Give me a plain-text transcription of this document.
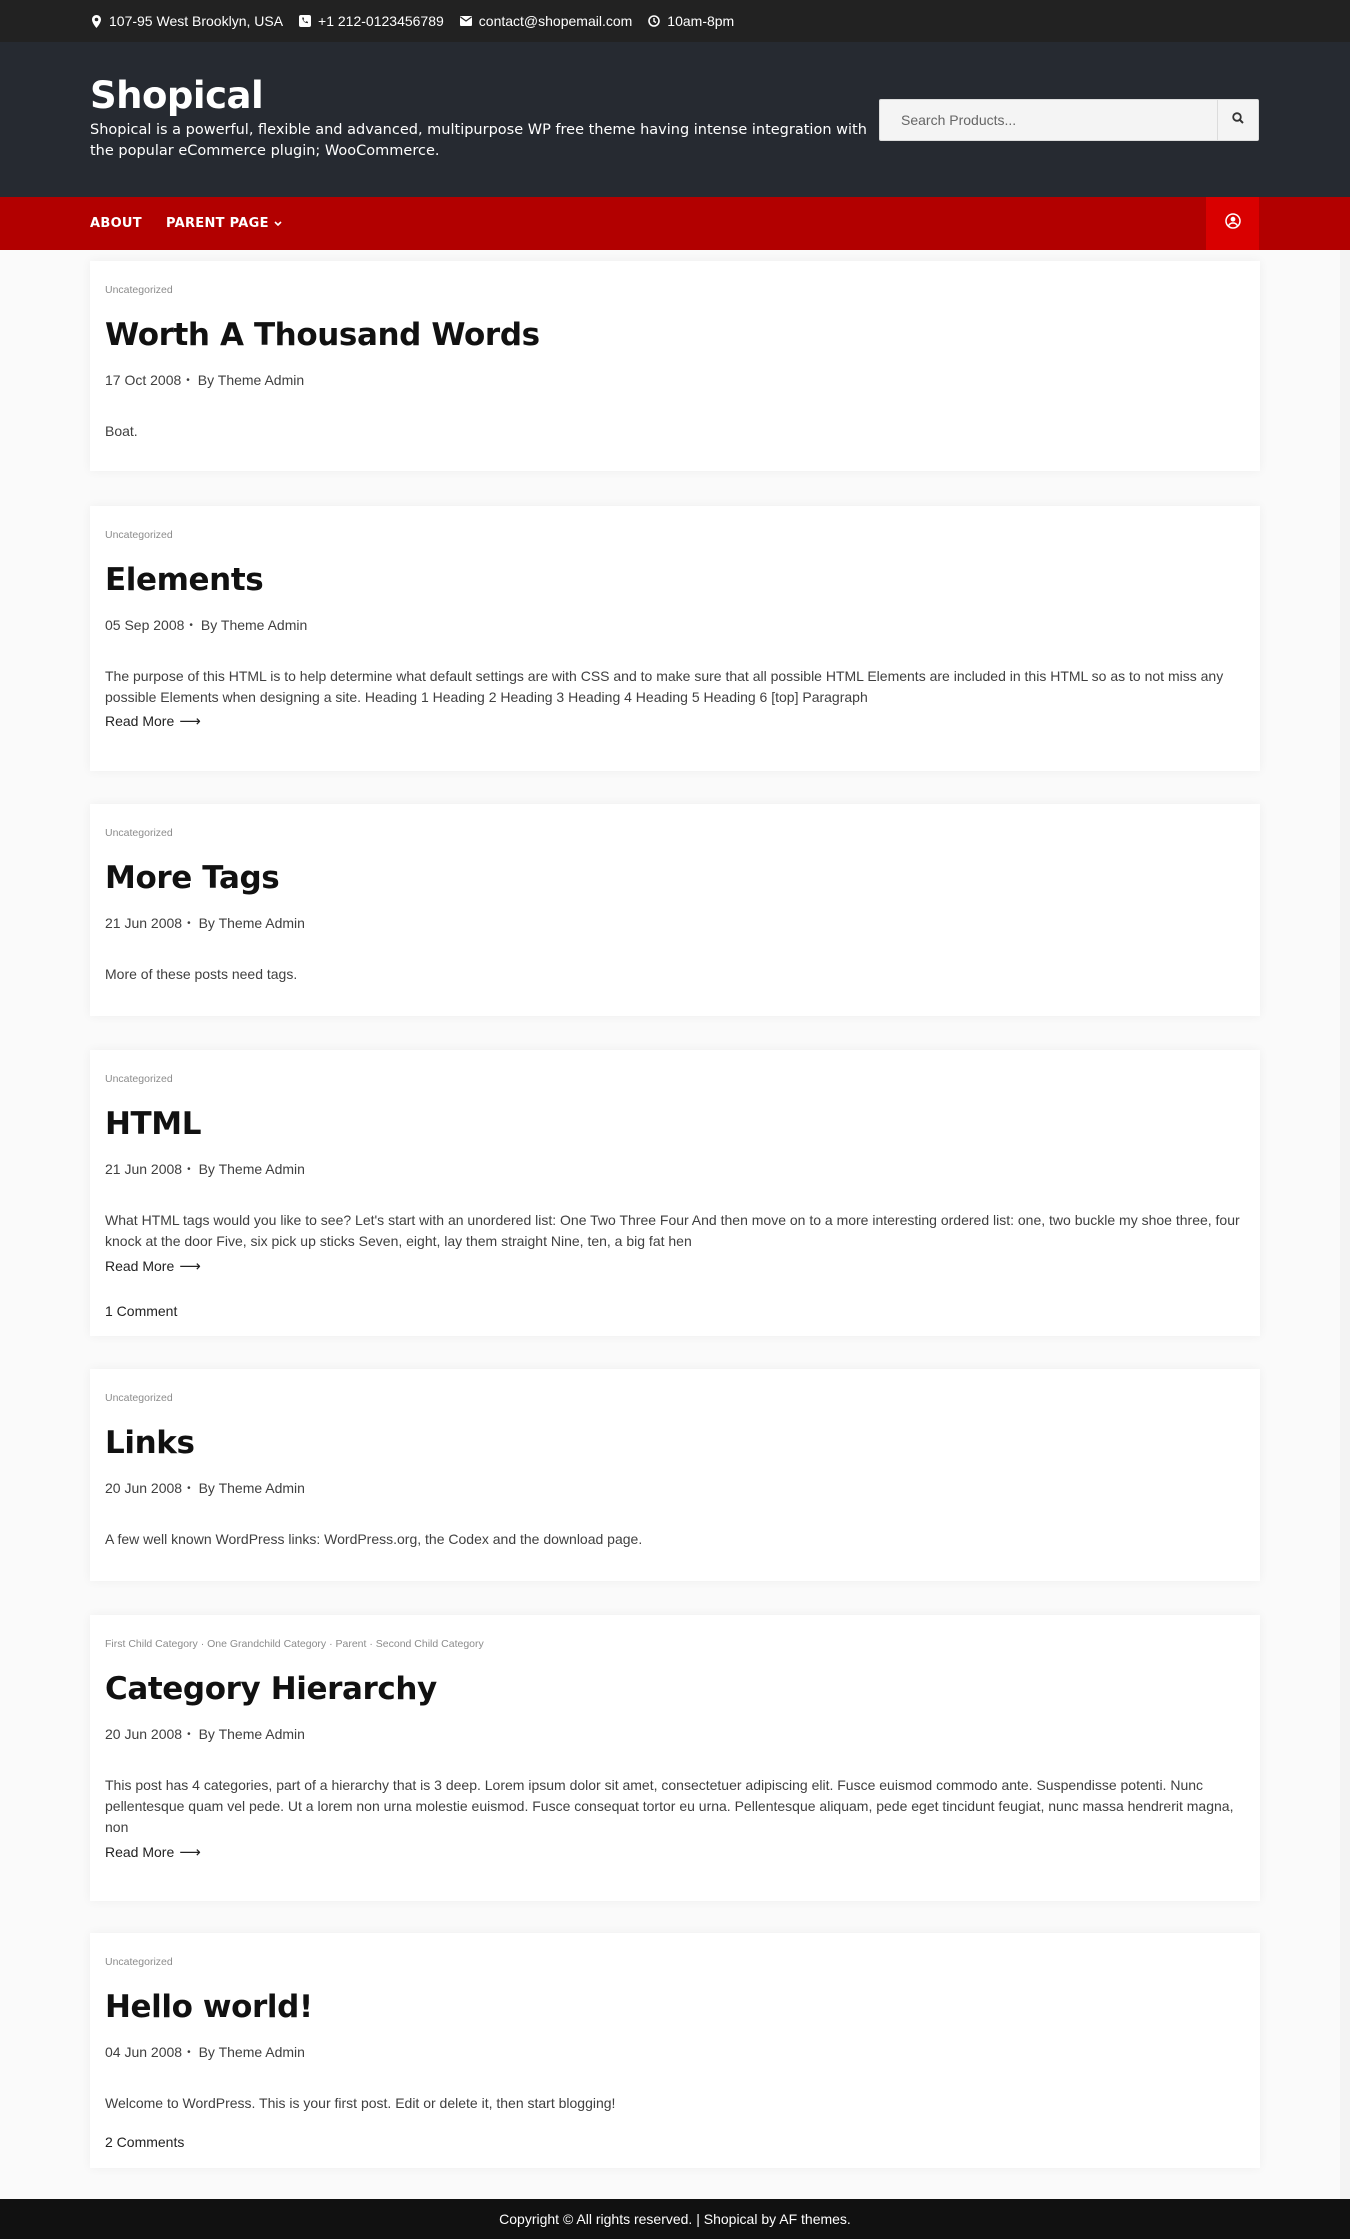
107-95 West Brooklyn, USA	+1 212-0123456789	contact@shopemail.com	10am-8pm
Shopical
Shopical is a powerful, flexible and advanced, multipurpose WP free theme having intense integration with the popular eCommerce plugin; WooCommerce.
Search Products...
ABOUT PARENT PAGE
Uncategorized
Worth A Thousand Words
17 Oct 2008 • By Theme Admin
Boat.
Uncategorized
Elements
05 Sep 2008 • By Theme Admin
The purpose of this HTML is to help determine what default settings are with CSS and to make sure that all possible HTML Elements are included in this HTML so as to not miss any possible Elements when designing a site. Heading 1 Heading 2 Heading 3 Heading 4 Heading 5 Heading 6 [top] Paragraph
Read More ⟶
Uncategorized
More Tags
21 Jun 2008 • By Theme Admin
More of these posts need tags.
Uncategorized
HTML
21 Jun 2008 • By Theme Admin
What HTML tags would you like to see? Let's start with an unordered list: One Two Three Four And then move on to a more interesting ordered list: one, two buckle my shoe three, four knock at the door Five, six pick up sticks Seven, eight, lay them straight Nine, ten, a big fat hen
Read More ⟶
1 Comment
Uncategorized
Links
20 Jun 2008 • By Theme Admin
A few well known WordPress links: WordPress.org, the Codex and the download page.
First Child Category · One Grandchild Category · Parent · Second Child Category
Category Hierarchy
20 Jun 2008 • By Theme Admin
This post has 4 categories, part of a hierarchy that is 3 deep. Lorem ipsum dolor sit amet, consectetuer adipiscing elit. Fusce euismod commodo ante. Suspendisse potenti. Nunc pellentesque quam vel pede. Ut a lorem non urna molestie euismod. Fusce consequat tortor eu urna. Pellentesque aliquam, pede eget tincidunt feugiat, nunc massa hendrerit magna, non
Read More ⟶
Uncategorized
Hello world!
04 Jun 2008 • By Theme Admin
Welcome to WordPress. This is your first post. Edit or delete it, then start blogging!
2 Comments
Copyright © All rights reserved. | Shopical by AF themes.
